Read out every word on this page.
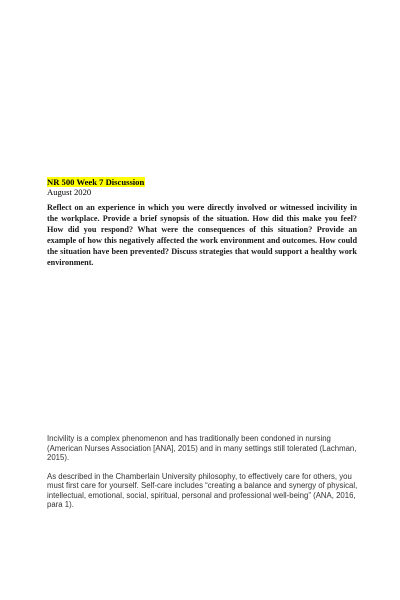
NR 500 Week 7 Discussion
August 2020
Reflect on an experience in which you were directly involved or witnessed incivility in the workplace. Provide a brief synopsis of the situation. How did this make you feel? How did you respond? What were the consequences of this situation? Provide an example of how this negatively affected the work environment and outcomes. How could the situation have been prevented? Discuss strategies that would support a healthy work environment.

Incivility is a complex phenomenon and has traditionally been condoned in nursing (American Nurses Association [ANA], 2015) and in many settings still tolerated (Lachman, 2015).

As described in the Chamberlain University philosophy, to effectively care for others, you must first care for yourself. Self-care includes “creating a balance and synergy of physical, intellectual, emotional, social, spiritual, personal and professional well-being” (ANA, 2016, para 1).
